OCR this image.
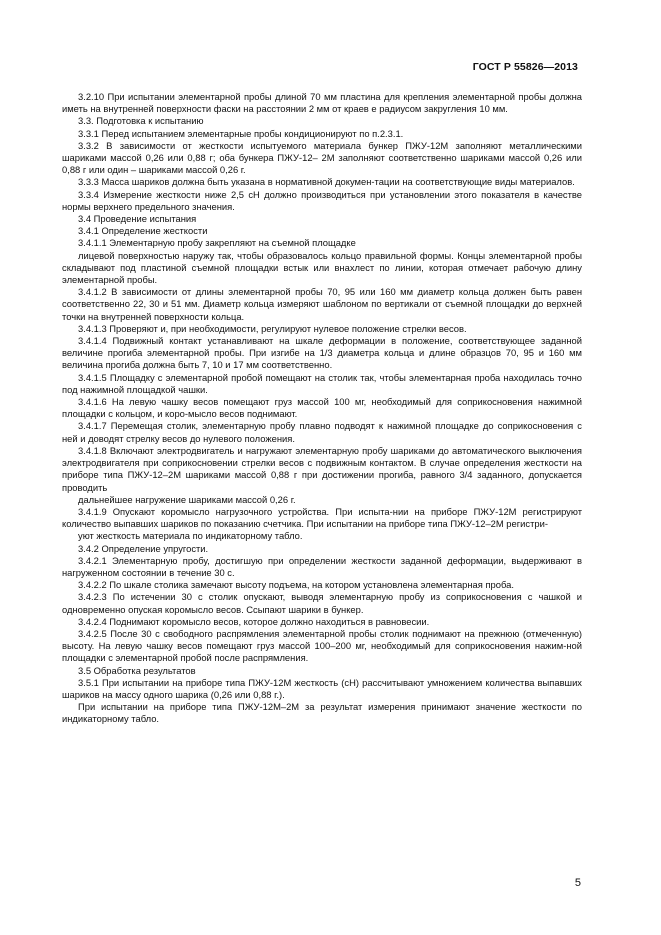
ГОСТ Р 55826—2013

3.2.10 При испытании элементарной пробы длиной 70 мм пластина для крепления элементарной пробы должна иметь на внутренней поверхности фаски на расстоянии 2 мм от краев е радиусом закругления 10 мм.

3.3. Подготовка к испытанию

3.3.1 Перед испытанием элементарные пробы кондиционируют по п.2.3.1.

3.3.2 В зависимости от жесткости испытуемого материала бункер ПЖУ-12М заполняют металлическими шариками массой 0,26 или 0,88 г; оба бункера ПЖУ-12– 2М заполняют соответственно шариками массой 0,26 или 0,88 г или один – шариками массой 0,26 г.

3.3.3 Масса шариков должна быть указана в нормативной докумен-тации на соответствующие виды материалов.

3.3.4 Измерение жесткости ниже 2,5 сН должно производиться при установлении этого показателя в качестве нормы верхнего предельного значения.

3.4 Проведение испытания

3.4.1 Определение жесткости

3.4.1.1 Элементарную пробу закрепляют на съемной площадке

лицевой поверхностью наружу так, чтобы образовалось кольцо правильной формы. Концы элементарной пробы складывают под пластиной съемной площадки встык или внахлест по линии, которая отмечает рабочую длину элементарной пробы.

3.4.1.2 В зависимости от длины элементарной пробы 70, 95 или 160 мм диаметр кольца должен быть равен соответственно 22, 30 и 51 мм. Диаметр кольца измеряют шаблоном по вертикали от съемной площадки до верхней точки на внутренней поверхности кольца.

3.4.1.3 Проверяют и, при необходимости, регулируют нулевое положение стрелки весов.

3.4.1.4 Подвижный контакт устанавливают на шкале деформации в положение, соответствующее заданной величине прогиба элементарной пробы. При изгибе на 1/3 диаметра кольца и длине образцов 70, 95 и 160 мм величина прогиба должна быть 7, 10 и 17 мм соответственно.

3.4.1.5 Площадку с элементарной пробой помещают на столик так, чтобы элементарная проба находилась точно под нажимной площадкой чашки.

3.4.1.6 На левую чашку весов помещают груз массой 100 мг, необходимый для соприкосновения нажимной площадки с кольцом, и коро-мысло весов поднимают.

3.4.1.7 Перемещая столик, элементарную пробу плавно подводят к нажимной площадке до соприкосновения с ней и доводят стрелку весов до нулевого положения.

3.4.1.8 Включают электродвигатель и нагружают элементарную пробу шариками до автоматического выключения электродвигателя при соприкосновении стрелки весов с подвижным контактом. В случае определения жесткости на приборе типа ПЖУ-12–2М шариками массой 0,88 г при достижении прогиба, равного 3/4 заданного, допускается проводить

дальнейшее нагружение шариками массой 0,26 г.

3.4.1.9 Опускают коромысло нагрузочного устройства. При испыта-нии на приборе ПЖУ-12М регистрируют количество выпавших шариков по показанию счетчика. При испытании на приборе типа ПЖУ-12–2М регистри-

уют жесткость материала по индикаторному табло.

3.4.2 Определение упругости.

3.4.2.1 Элементарную пробу, достигшую при определении жесткости заданной деформации, выдерживают в нагруженном состоянии в течение 30 с.

3.4.2.2 По шкале столика замечают высоту подъема, на котором установлена элементарная проба.

3.4.2.3 По истечении 30 с столик опускают, выводя элементарную пробу из соприкосновения с чашкой и одновременно опуская коромысло весов. Ссыпают шарики в бункер.

3.4.2.4 Поднимают коромысло весов, которое должно находиться в равновесии.

3.4.2.5 После 30 с свободного распрямления элементарной пробы столик поднимают на прежнюю (отмеченную) высоту. На левую чашку весов помещают груз массой 100–200 мг, необходимый для соприкосновения нажим-ной площадки с элементарной пробой после распрямления.

3.5 Обработка результатов

3.5.1 При испытании на приборе типа ПЖУ-12М жесткость (сН) рассчитывают умножением количества выпавших шариков на массу одного шарика (0,26 или 0,88 г.).

При испытании на приборе типа ПЖУ-12М–2М за результат измерения принимают значение жесткости по индикаторному табло.

5
